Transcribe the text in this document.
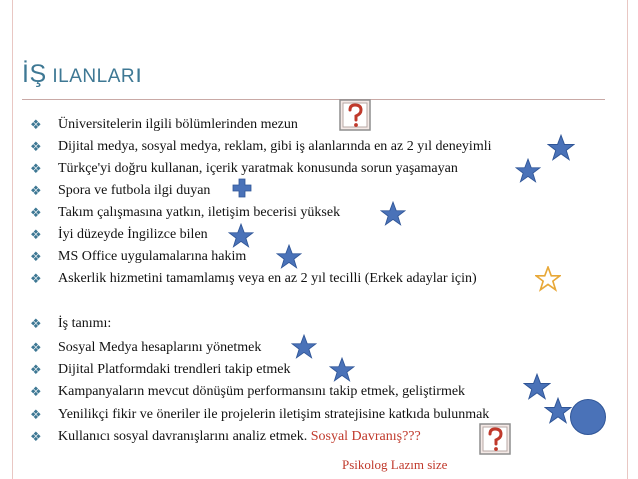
İŞ ILANLARı
❖ Üniversitelerin ilgili bölümlerinden mezun
❖ Dijital medya, sosyal medya, reklam, gibi iş alanlarında en az 2 yıl deneyimli
❖ Türkçe'yi doğru kullanan, içerik yaratmak konusunda sorun yaşamayan
❖ Spora ve futbola ilgi duyan
❖ Takım çalışmasına yatkın, iletişim becerisi yüksek
❖ İyi düzeyde İngilizce bilen
❖ MS Office uygulamalarına hakim
❖ Askerlik hizmetini tamamlamış veya en az 2 yıl tecilli (Erkek adaylar için)
❖ İş tanımı:
❖ Sosyal Medya hesaplarını yönetmek
❖ Dijital Platformdaki trendleri takip etmek
❖ Kampanyaların mevcut dönüşüm performansını takip etmek, geliştirmek
❖ Yenilikçi fikir ve öneriler ile projelerin iletişim stratejisine katkıda bulunmak
❖ Kullanıcı sosyal davranışlarını analiz etmek. Sosyal Davranış???
Psikolog Lazım size
